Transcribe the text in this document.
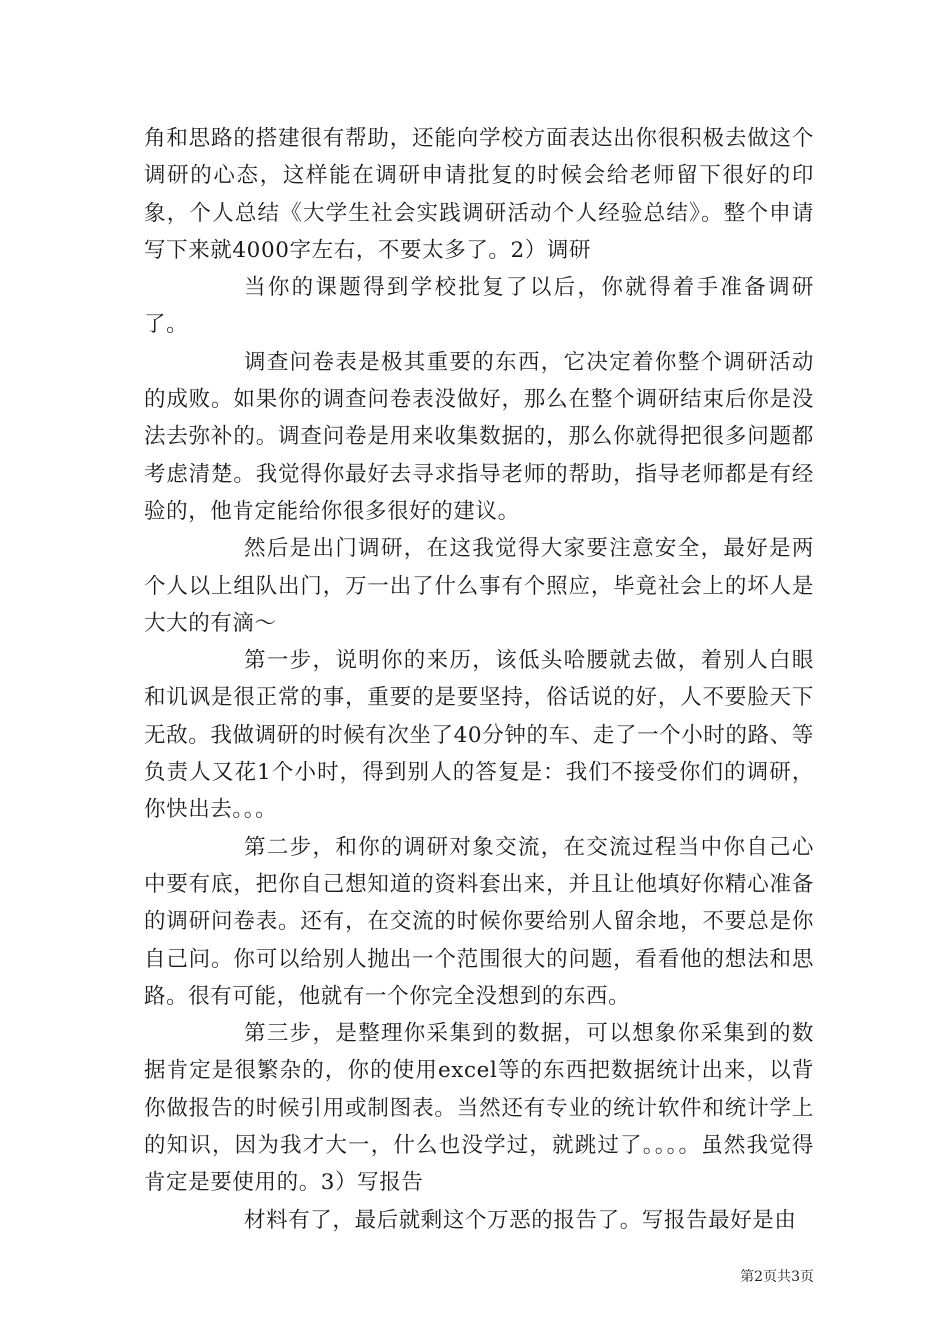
角和思路的搭建很有帮助，还能向学校方面表达出你很积极去做这个调研的心态，这样能在调研申请批复的时候会给老师留下很好的印象，个人总结《大学生社会实践调研活动个人经验总结》。整个申请写下来就4000字左右，不要太多了。2）调研

当你的课题得到学校批复了以后，你就得着手准备调研了。

调查问卷表是极其重要的东西，它决定着你整个调研活动的成败。如果你的调查问卷表没做好，那么在整个调研结束后你是没法去弥补的。调查问卷是用来收集数据的，那么你就得把很多问题都考虑清楚。我觉得你最好去寻求指导老师的帮助，指导老师都是有经验的，他肯定能给你很多很好的建议。

然后是出门调研，在这我觉得大家要注意安全，最好是两个人以上组队出门，万一出了什么事有个照应，毕竟社会上的坏人是大大的有滴～

第一步，说明你的来历，该低头哈腰就去做，着别人白眼和讥讽是很正常的事，重要的是要坚持，俗话说的好，人不要脸天下无敌。我做调研的时候有次坐了40分钟的车、走了一个小时的路、等负责人又花1个小时，得到别人的答复是：我们不接受你们的调研，你快出去。。。

第二步，和你的调研对象交流，在交流过程当中你自己心中要有底，把你自己想知道的资料套出来，并且让他填好你精心准备的调研问卷表。还有，在交流的时候你要给别人留余地，不要总是你自己问。你可以给别人抛出一个范围很大的问题，看看他的想法和思路。很有可能，他就有一个你完全没想到的东西。

第三步，是整理你采集到的数据，可以想象你采集到的数据肯定是很繁杂的，你的使用excel等的东西把数据统计出来，以背你做报告的时候引用或制图表。当然还有专业的统计软件和统计学上的知识，因为我才大一，什么也没学过，就跳过了。。。。虽然我觉得肯定是要使用的。3）写报告

材料有了，最后就剩这个万恶的报告了。写报告最好是由

第2页共3页
